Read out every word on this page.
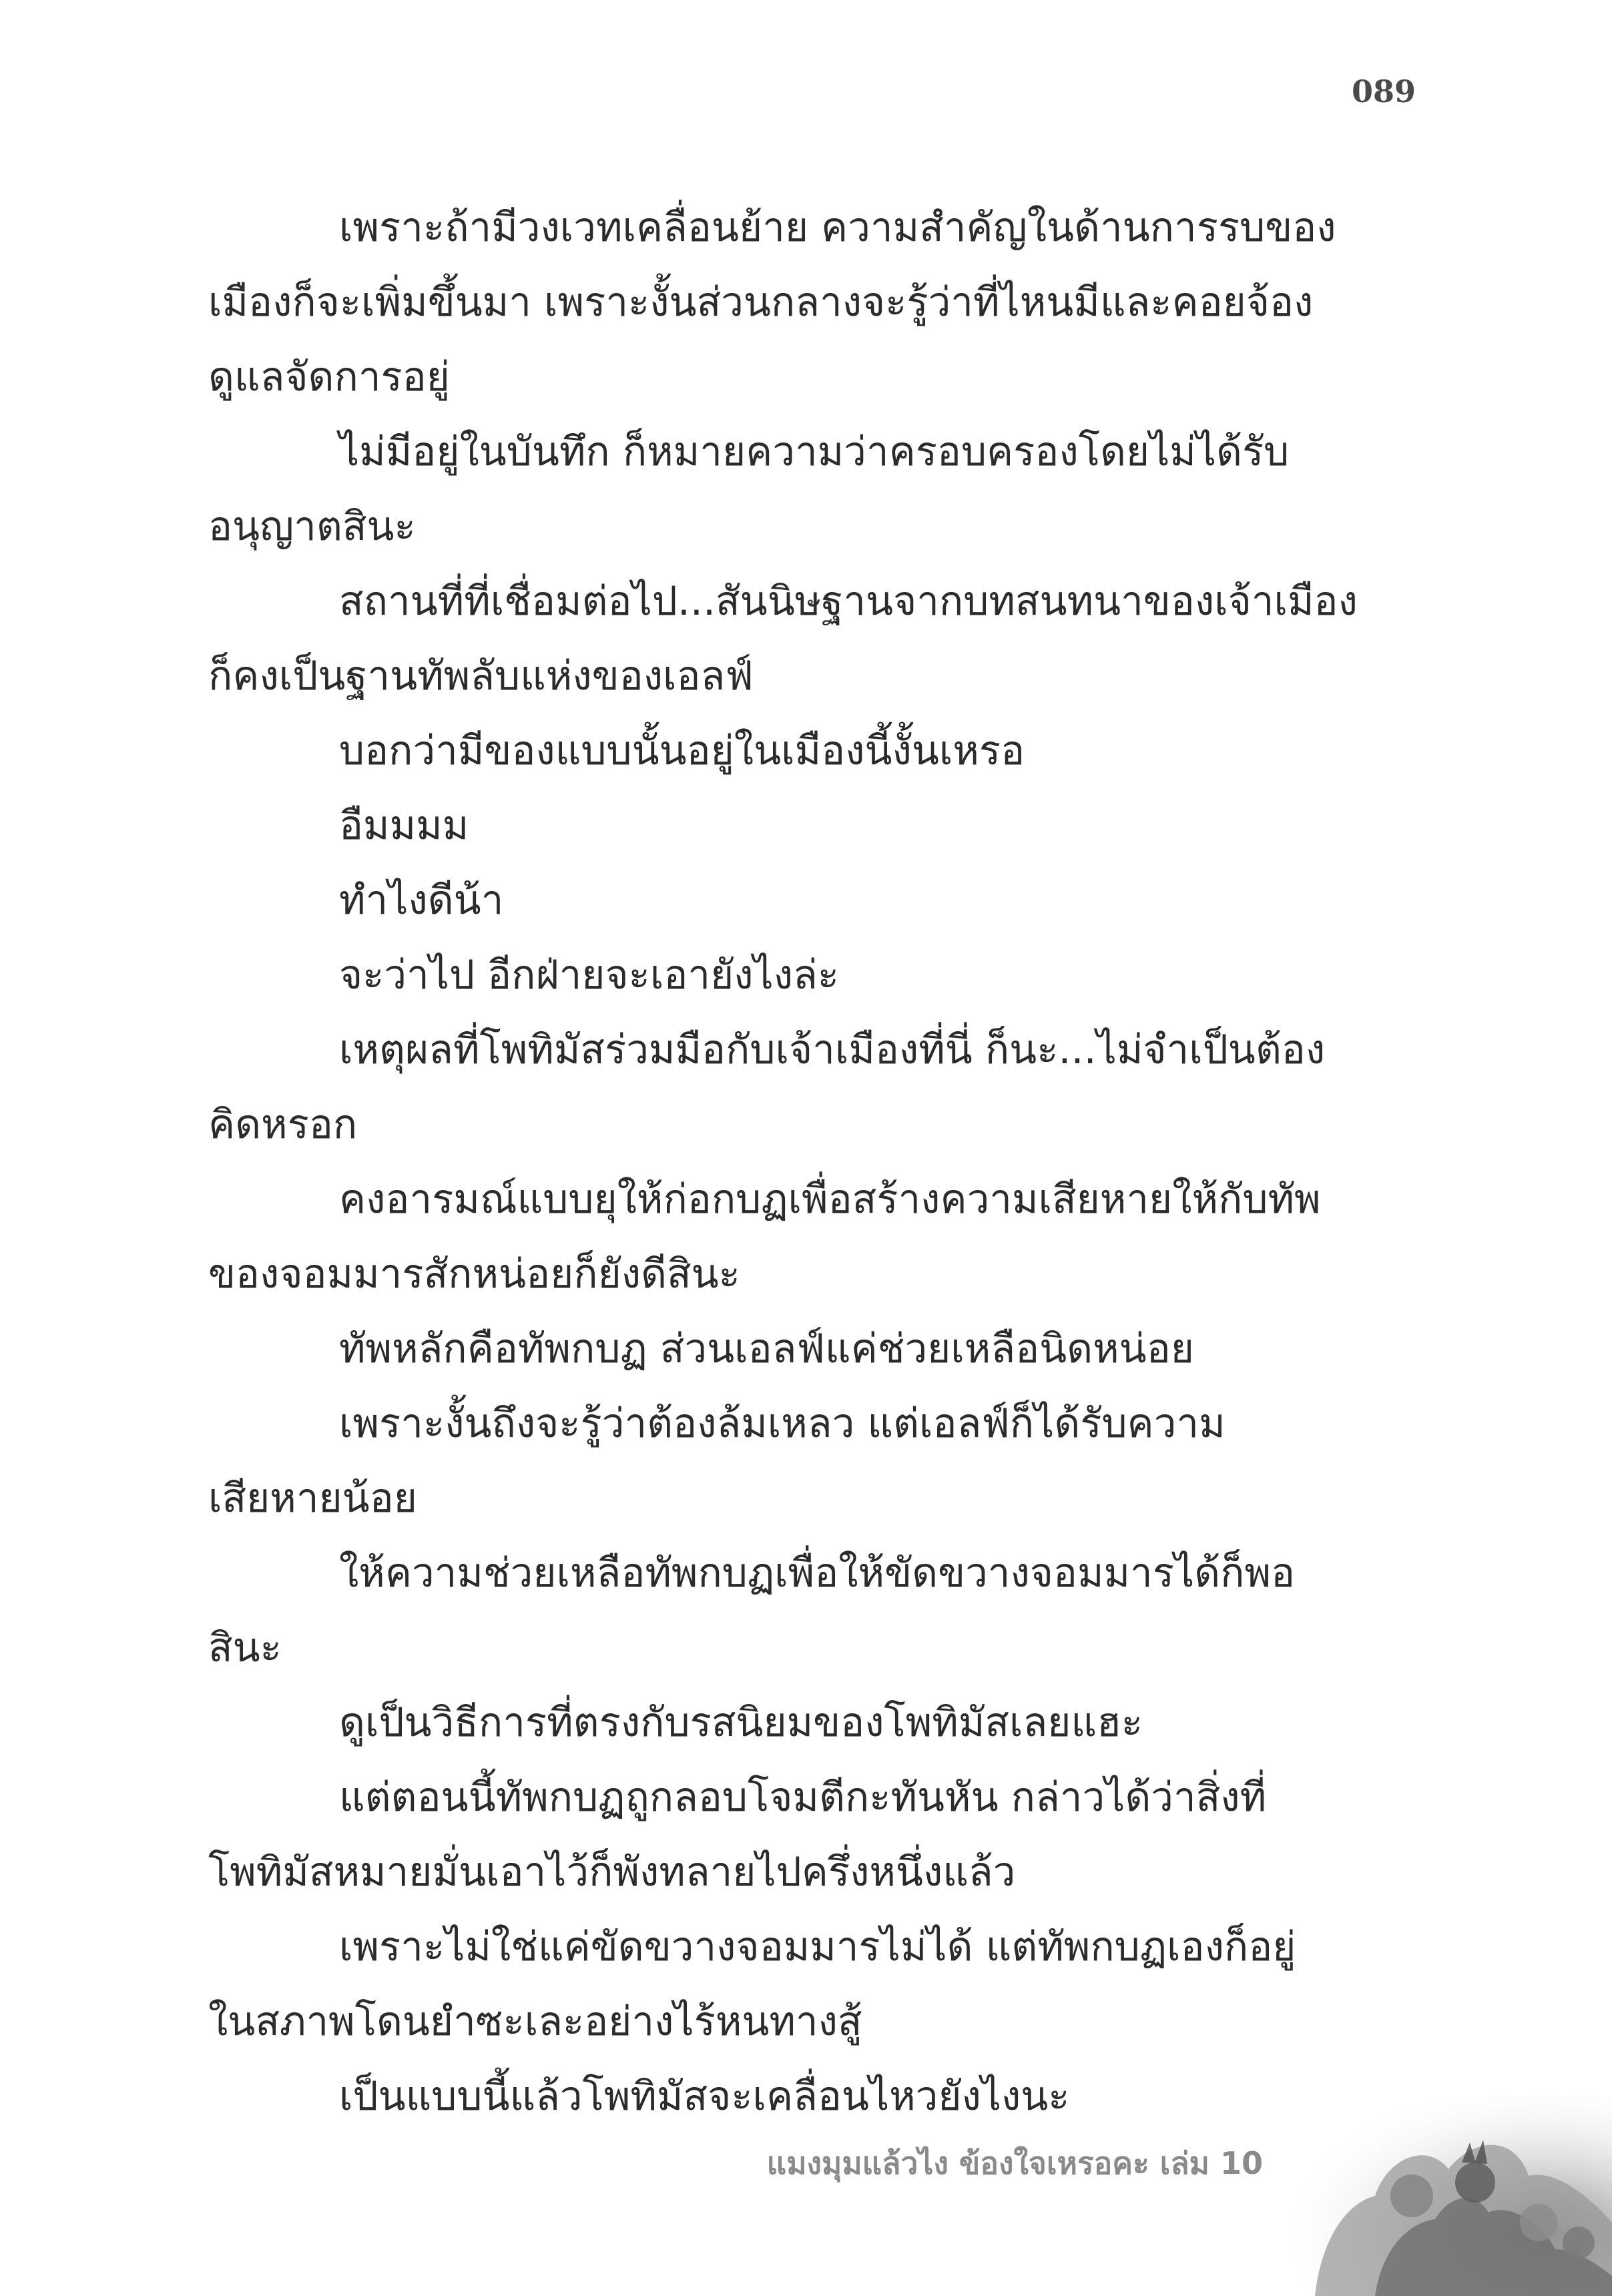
089
เพราะถ้ามีวงเวทเคลื่อนย้าย ความสำคัญในด้านการรบของ
เมืองก็จะเพิ่มขึ้นมา เพราะงั้นส่วนกลางจะรู้ว่าที่ไหนมีและคอยจ้อง
ดูแลจัดการอยู่
ไม่มีอยู่ในบันทึก ก็หมายความว่าครอบครองโดยไม่ได้รับ
อนุญาตสินะ
สถานที่ที่เชื่อมต่อไป...สันนิษฐานจากบทสนทนาของเจ้าเมือง
ก็คงเป็นฐานทัพลับแห่งของเอลฟ์
บอกว่ามีของแบบนั้นอยู่ในเมืองนี้งั้นเหรอ
อืมมมม
ทำไงดีน้า
จะว่าไป อีกฝ่ายจะเอายังไงล่ะ
เหตุผลที่โพทิมัสร่วมมือกับเจ้าเมืองที่นี่ ก็นะ...ไม่จำเป็นต้อง
คิดหรอก
คงอารมณ์แบบยุให้ก่อกบฏเพื่อสร้างความเสียหายให้กับทัพ
ของจอมมารสักหน่อยก็ยังดีสินะ
ทัพหลักคือทัพกบฏ ส่วนเอลฟ์แค่ช่วยเหลือนิดหน่อย
เพราะงั้นถึงจะรู้ว่าต้องล้มเหลว แต่เอลฟ์ก็ได้รับความ
เสียหายน้อย
ให้ความช่วยเหลือทัพกบฏเพื่อให้ขัดขวางจอมมารได้ก็พอ
สินะ
ดูเป็นวิธีการที่ตรงกับรสนิยมของโพทิมัสเลยแฮะ
แต่ตอนนี้ทัพกบฏถูกลอบโจมตีกะทันหัน กล่าวได้ว่าสิ่งที่
โพทิมัสหมายมั่นเอาไว้ก็พังทลายไปครึ่งหนึ่งแล้ว
เพราะไม่ใช่แค่ขัดขวางจอมมารไม่ได้ แต่ทัพกบฏเองก็อยู่
ในสภาพโดนยำซะเละอย่างไร้หนทางสู้
เป็นแบบนี้แล้วโพทิมัสจะเคลื่อนไหวยังไงนะ
แมงมุมแล้วไง ข้องใจเหรอคะ เล่ม 10
